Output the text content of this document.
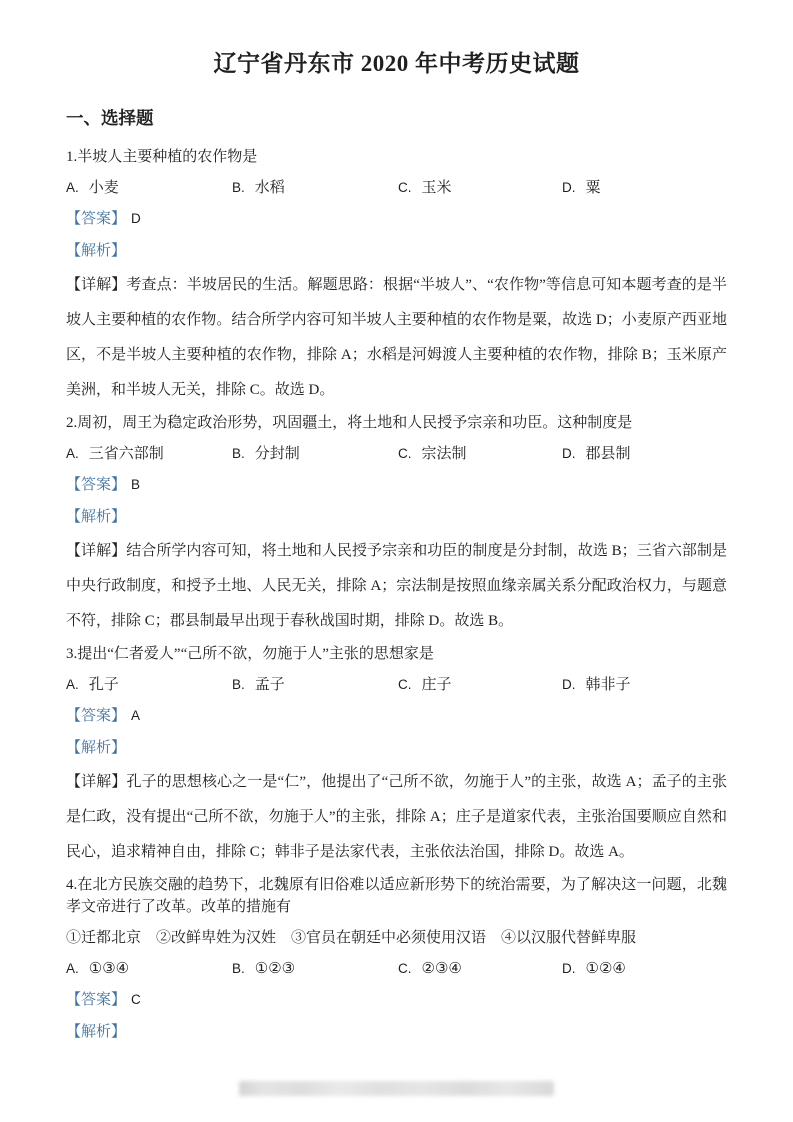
辽宁省丹东市 2020 年中考历史试题
一、选择题

1.半坡人主要种植的农作物是

A. 小麦	B. 水稻	C. 玉米	D. 粟

【答案】 D

【解析】

【详解】考查点：半坡居民的生活。解题思路：根据“半坡人”、“农作物”等信息可知本题考查的是半坡人主要种植的农作物。结合所学内容可知半坡人主要种植的农作物是粟，故选 D；小麦原产西亚地区，不是半坡人主要种植的农作物，排除 A；水稻是河姆渡人主要种植的农作物，排除 B；玉米原产美洲，和半坡人无关，排除 C。故选 D。

2.周初，周王为稳定政治形势，巩固疆土，将土地和人民授予宗亲和功臣。这种制度是

A. 三省六部制	B. 分封制	C. 宗法制	D. 郡县制

【答案】 B

【解析】

【详解】结合所学内容可知，将土地和人民授予宗亲和功臣的制度是分封制，故选 B；三省六部制是中央行政制度，和授予土地、人民无关，排除 A；宗法制是按照血缘亲属关系分配政治权力，与题意不符，排除 C；郡县制最早出现于春秋战国时期，排除 D。故选 B。

3.提出“仁者爱人”“己所不欲，勿施于人”主张的思想家是

A. 孔子	B. 孟子	C. 庄子	D. 韩非子

【答案】 A

【解析】

【详解】孔子的思想核心之一是“仁”，他提出了“己所不欲，勿施于人”的主张，故选 A；孟子的主张是仁政，没有提出“己所不欲，勿施于人”的主张，排除 A；庄子是道家代表，主张治国要顺应自然和民心，追求精神自由，排除 C；韩非子是法家代表，主张依法治国，排除 D。故选 A。

4.在北方民族交融的趋势下，北魏原有旧俗难以适应新形势下的统治需要，为了解决这一问题，北魏孝文帝进行了改革。改革的措施有

①迁都北京　②改鲜卑姓为汉姓　③官员在朝廷中必须使用汉语　④以汉服代替鲜卑服

A. ①③④	B. ①②③	C. ②③④	D. ①②④

【答案】 C

【解析】
